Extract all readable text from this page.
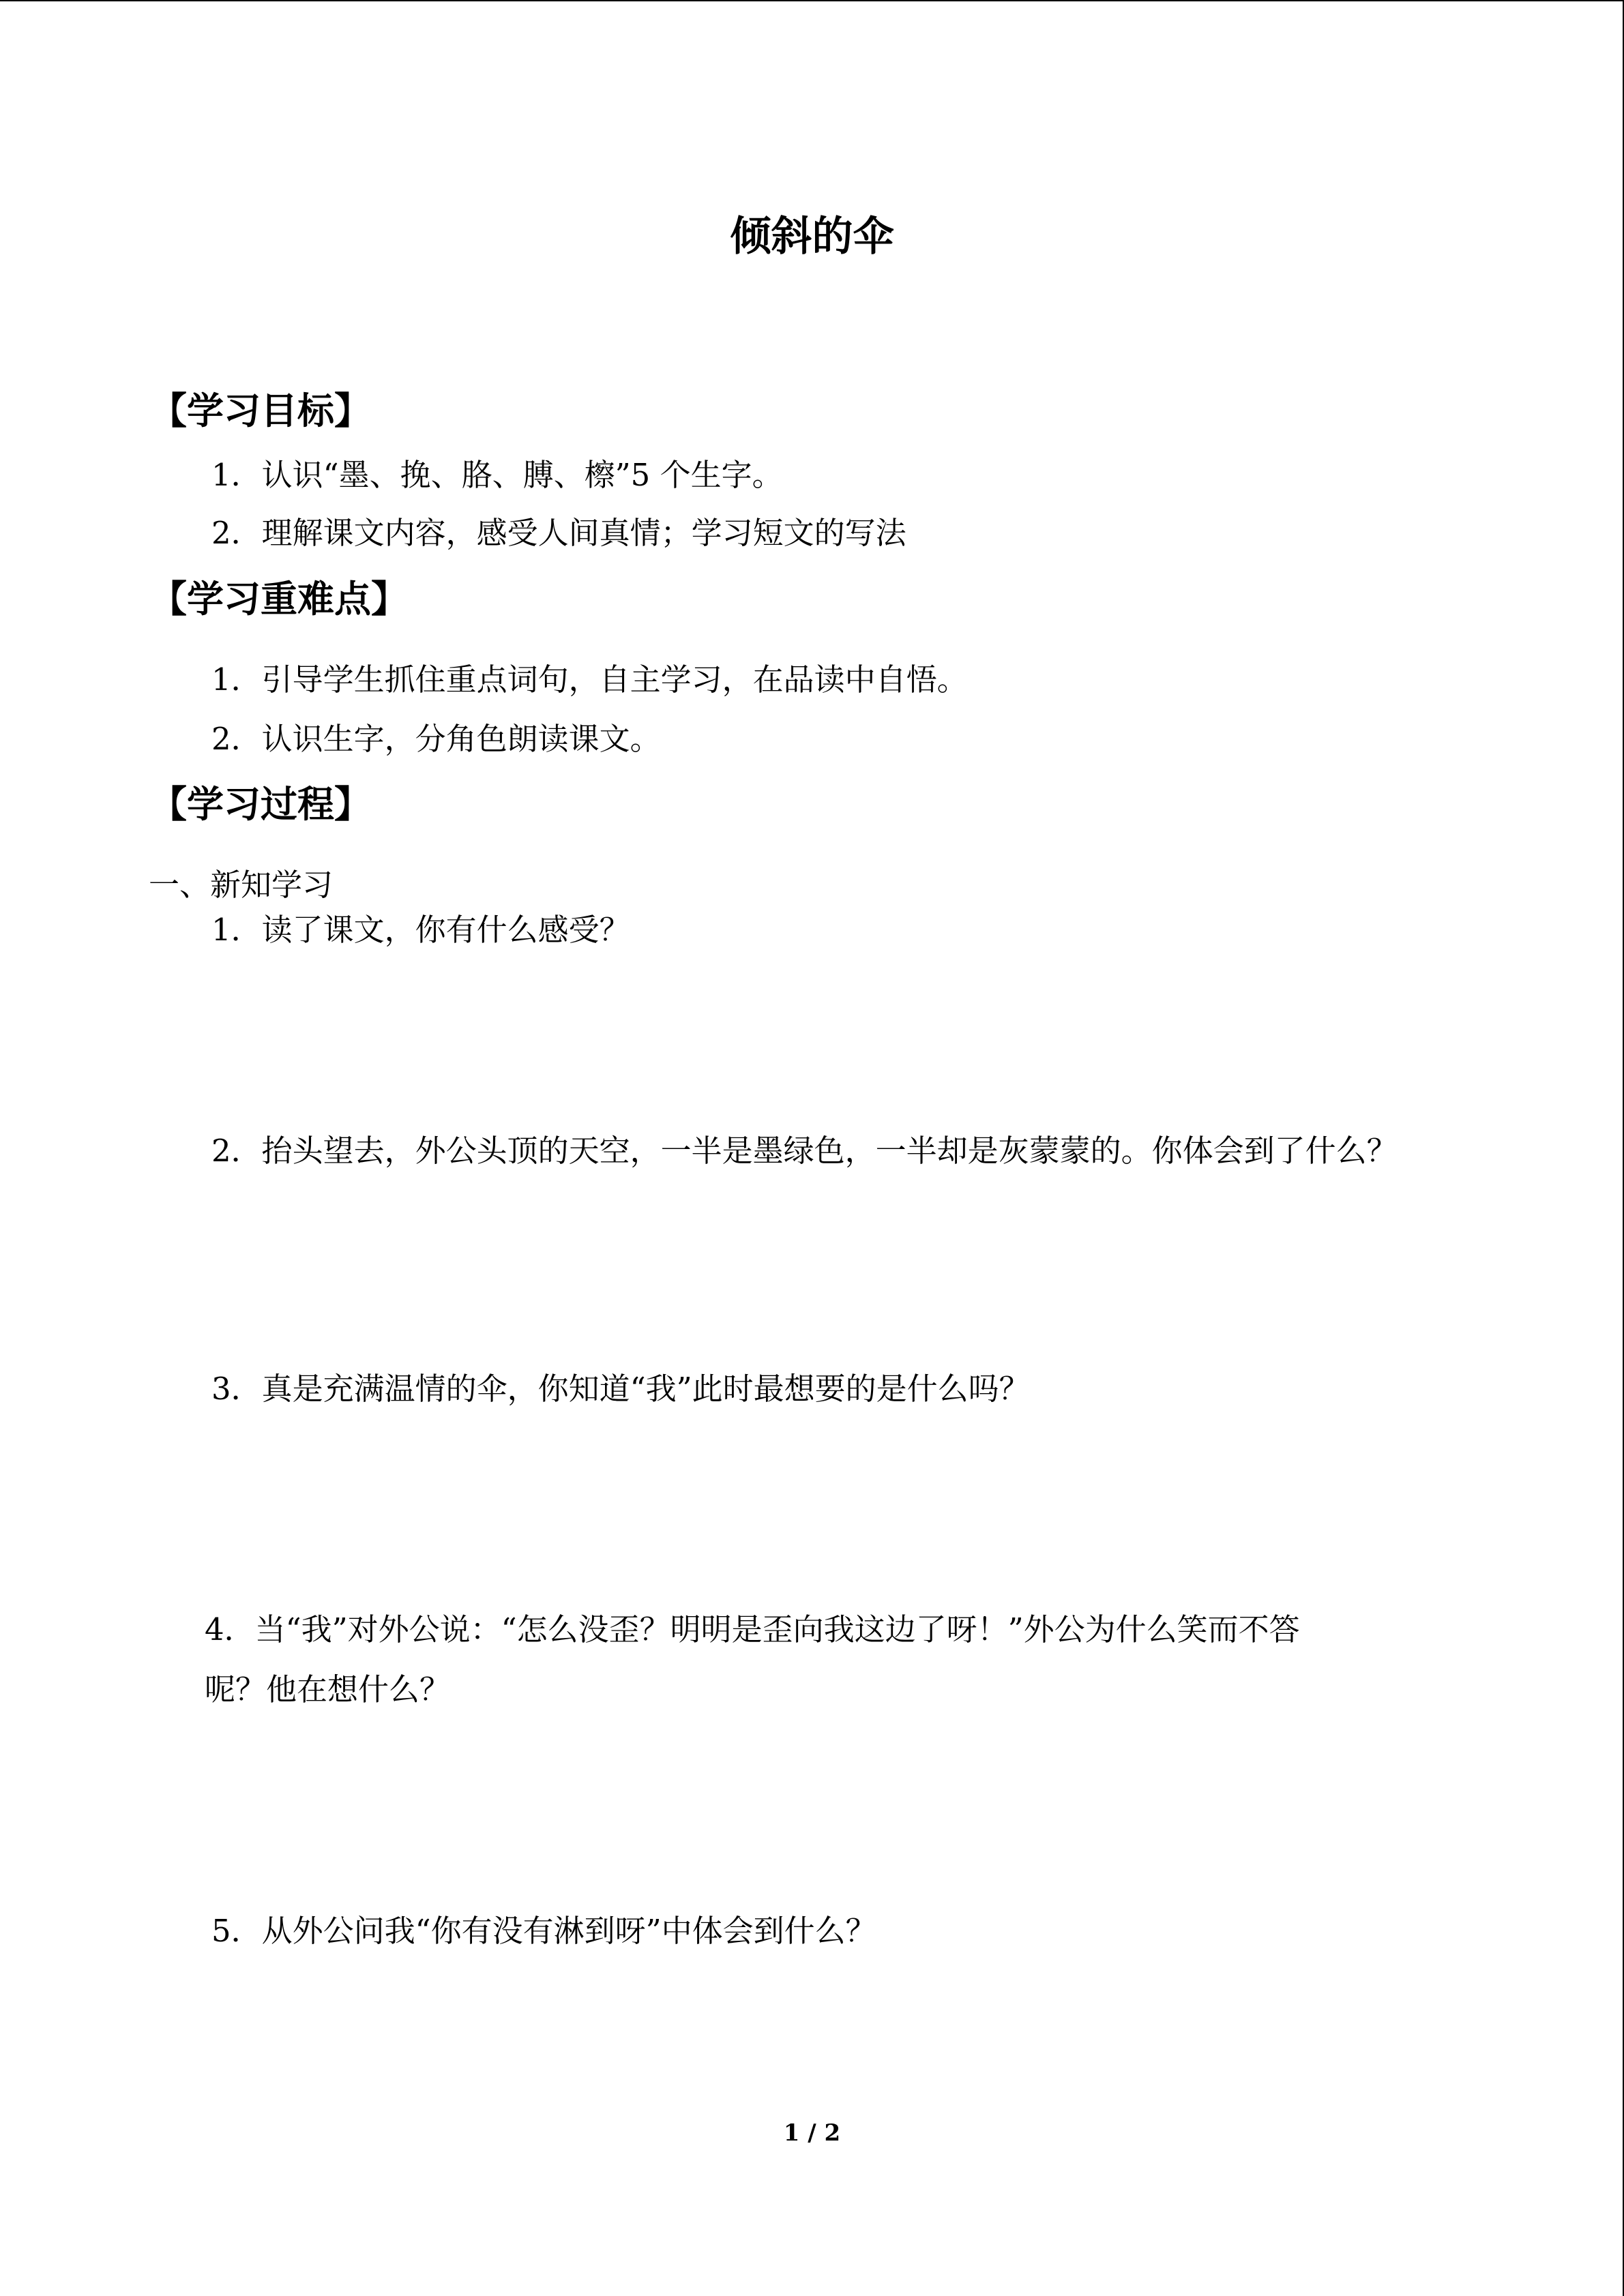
倾斜的伞
【学习目标】
1．认识“墨、挽、胳、膊、檫”5 个生字。
2．理解课文内容，感受人间真情；学习短文的写法
【学习重难点】
1．引导学生抓住重点词句，自主学习，在品读中自悟。
2．认识生字，分角色朗读课文。
【学习过程】
一、新知学习
1．读了课文，你有什么感受？
2．抬头望去，外公头顶的天空，一半是墨绿色，一半却是灰蒙蒙的。你体会到了什么？
3．真是充满温情的伞，你知道“我”此时最想要的是什么吗？
4．当“我”对外公说：“怎么没歪？明明是歪向我这边了呀！”外公为什么笑而不答
呢？他在想什么？
5．从外公问我“你有没有淋到呀”中体会到什么？
1 / 2
